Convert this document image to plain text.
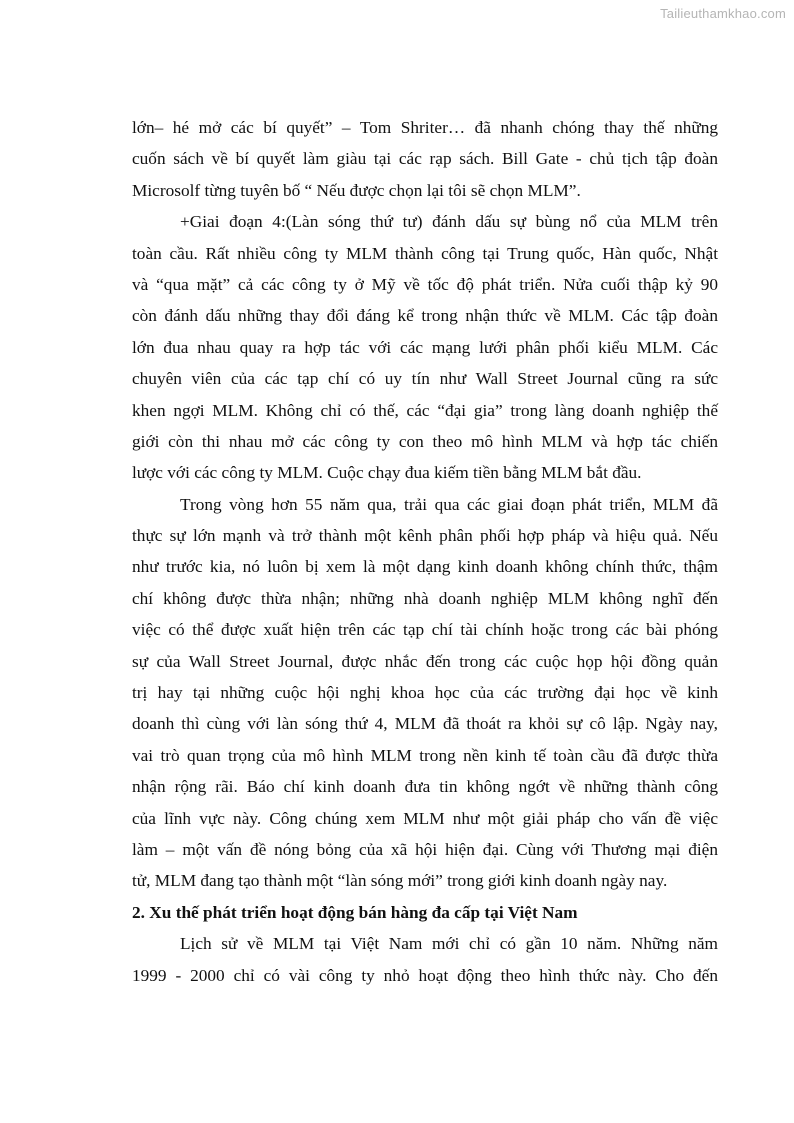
Tailieuthamkhao.com
lớn– hé mở các bí quyết” – Tom Shriter… đã nhanh chóng thay thế những
cuốn sách về bí quyết làm giàu tại các rạp sách. Bill Gate - chủ tịch tập đoàn
Microsolf từng tuyên bố “ Nếu được chọn lại tôi sẽ chọn MLM”.
+Giai đoạn 4:(Làn sóng thứ tư) đánh dấu sự bùng nổ của MLM trên
toàn cầu. Rất nhiều công ty MLM thành công tại Trung quốc, Hàn quốc, Nhật
và “qua mặt” cả các công ty ở Mỹ về tốc độ phát triển. Nửa cuối thập kỷ 90
còn đánh dấu những thay đổi đáng kể trong nhận thức về MLM. Các tập đoàn
lớn đua nhau quay ra hợp tác với các mạng lưới phân phối kiểu MLM. Các
chuyên viên của các tạp chí có uy tín như Wall Street Journal cũng ra sức
khen ngợi MLM. Không chỉ có thế, các “đại gia” trong làng doanh nghiệp thế
giới còn thi nhau mở các công ty con theo mô hình MLM và hợp tác chiến
lược với các công ty MLM. Cuộc chạy đua kiếm tiền bằng MLM bắt đầu.
Trong vòng hơn 55 năm qua, trải qua các giai đoạn phát triển, MLM đã
thực sự lớn mạnh và trở thành một kênh phân phối hợp pháp và hiệu quả. Nếu
như trước kia, nó luôn bị xem là một dạng kinh doanh không chính thức, thậm
chí không được thừa nhận; những nhà doanh nghiệp MLM không nghĩ đến
việc có thể được xuất hiện trên các tạp chí tài chính hoặc trong các bài phóng
sự của Wall Street Journal, được nhắc đến trong các cuộc họp hội đồng quản
trị hay tại những cuộc hội nghị khoa học của các trường đại học về kinh
doanh thì cùng với làn sóng thứ 4, MLM đã thoát ra khỏi sự cô lập. Ngày nay,
vai trò quan trọng của mô hình MLM trong nền kinh tế toàn cầu đã được thừa
nhận rộng rãi. Báo chí kinh doanh đưa tin không ngớt về những thành công
của lĩnh vực này. Công chúng xem MLM như một giải pháp cho vấn đề việc
làm – một vấn đề nóng bỏng của xã hội hiện đại. Cùng với Thương mại điện
tử, MLM đang tạo thành một “làn sóng mới” trong giới kinh doanh ngày nay.
2. Xu thế phát triển hoạt động bán hàng đa cấp tại Việt Nam
Lịch sử về MLM tại Việt Nam mới chỉ có gần 10 năm. Những năm
1999 - 2000 chỉ có vài công ty nhỏ hoạt động theo hình thức này. Cho đến
